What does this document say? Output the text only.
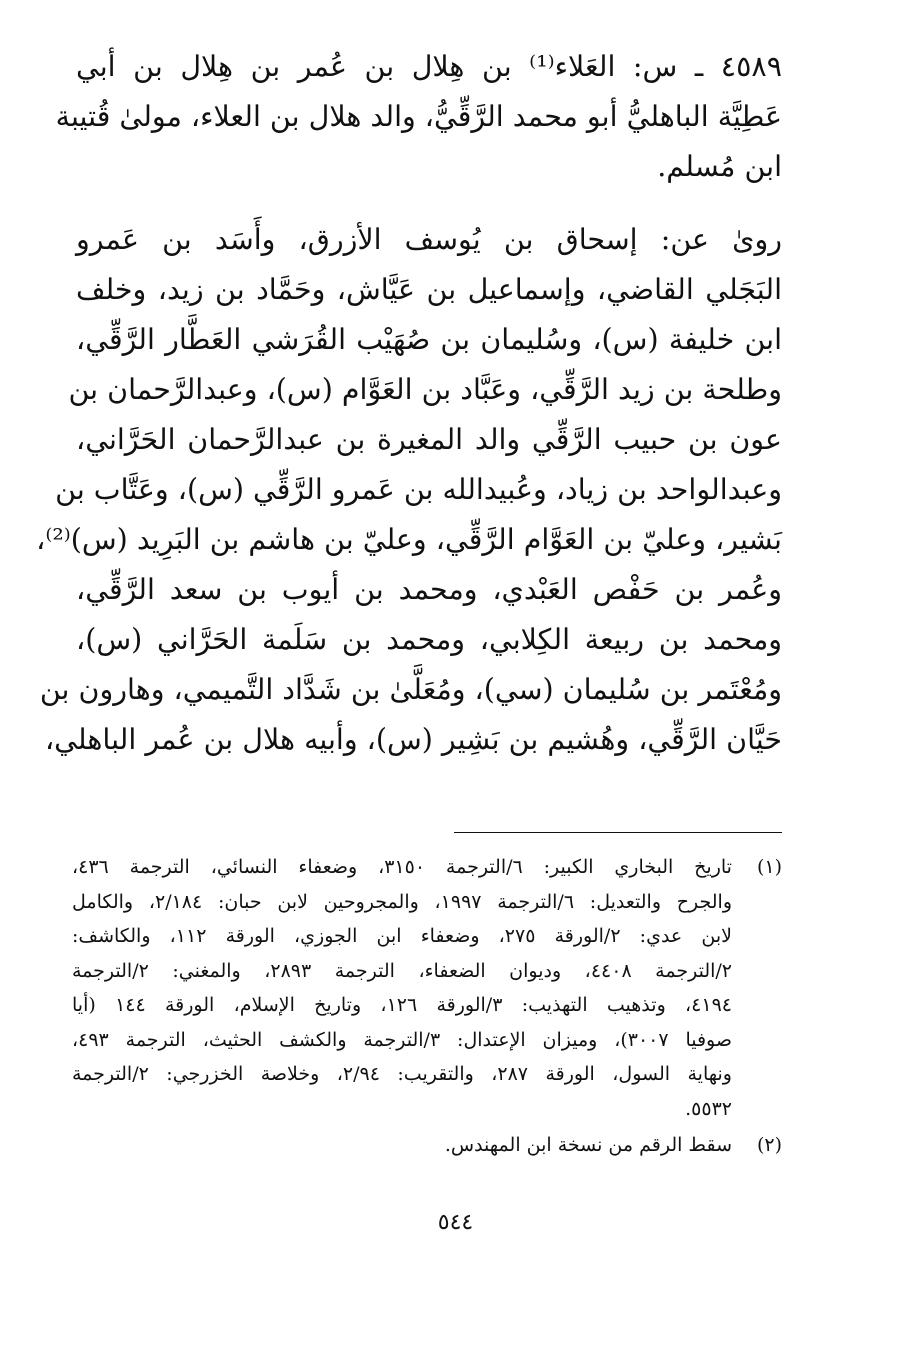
٤٥٨٩ ـ س: العَلاء⁽¹⁾ بن هِلال بن عُمر بن هِلال بن أبي
عَطِيَّة الباهليُّ أبو محمد الرَّقِّيُّ، والد هلال بن العلاء، مولىٰ قُتيبة
ابن مُسلم.
روىٰ عن: إسحاق بن يُوسف الأزرق، وأَسَد بن عَمرو
البَجَلي القاضي، وإسماعيل بن عَيَّاش، وحَمَّاد بن زيد، وخلف
ابن خليفة (س)، وسُليمان بن صُهَيْب القُرَشي العَطَّار الرَّقِّي،
وطلحة بن زيد الرَّقِّي، وعَبَّاد بن العَوَّام (س)، وعبدالرَّحمان بن
عون بن حبيب الرَّقِّي والد المغيرة بن عبدالرَّحمان الحَرَّاني،
وعبدالواحد بن زياد، وعُبيدالله بن عَمرو الرَّقِّي (س)، وعَتَّاب بن
بَشير، وعليّ بن العَوَّام الرَّقِّي، وعليّ بن هاشم بن البَرِيد (س)⁽²⁾،
وعُمر بن حَفْص العَبْدي، ومحمد بن أيوب بن سعد الرَّقِّي،
ومحمد بن ربيعة الكِلابي، ومحمد بن سَلَمة الحَرَّاني (س)،
ومُعْتَمر بن سُليمان (سي)، ومُعَلَّىٰ بن شَدَّاد التَّميمي، وهارون بن
حَيَّان الرَّقِّي، وهُشيم بن بَشِير (س)، وأبيه هلال بن عُمر الباهلي،
(١)
تاريخ البخاري الكبير: ٦/الترجمة ٣١٥٠، وضعفاء النسائي، الترجمة ٤٣٦،
والجرح والتعديل: ٦/الترجمة ١٩٩٧، والمجروحين لابن حبان: ٢/١٨٤، والكامل
لابن عدي: ٢/الورقة ٢٧٥، وضعفاء ابن الجوزي، الورقة ١١٢، والكاشف:
٢/الترجمة ٤٤٠٨، وديوان الضعفاء، الترجمة ٢٨٩٣، والمغني: ٢/الترجمة
٤١٩٤، وتذهيب التهذيب: ٣/الورقة ١٢٦، وتاريخ الإسلام، الورقة ١٤٤ (أيا
صوفيا ٣٠٠٧)، وميزان الإعتدال: ٣/الترجمة والكشف الحثيث، الترجمة ٤٩٣،
ونهاية السول، الورقة ٢٨٧، والتقريب: ٢/٩٤، وخلاصة الخزرجي: ٢/الترجمة
٥٥٣٢.
(٢)
سقط الرقم من نسخة ابن المهندس.
٥٤٤
